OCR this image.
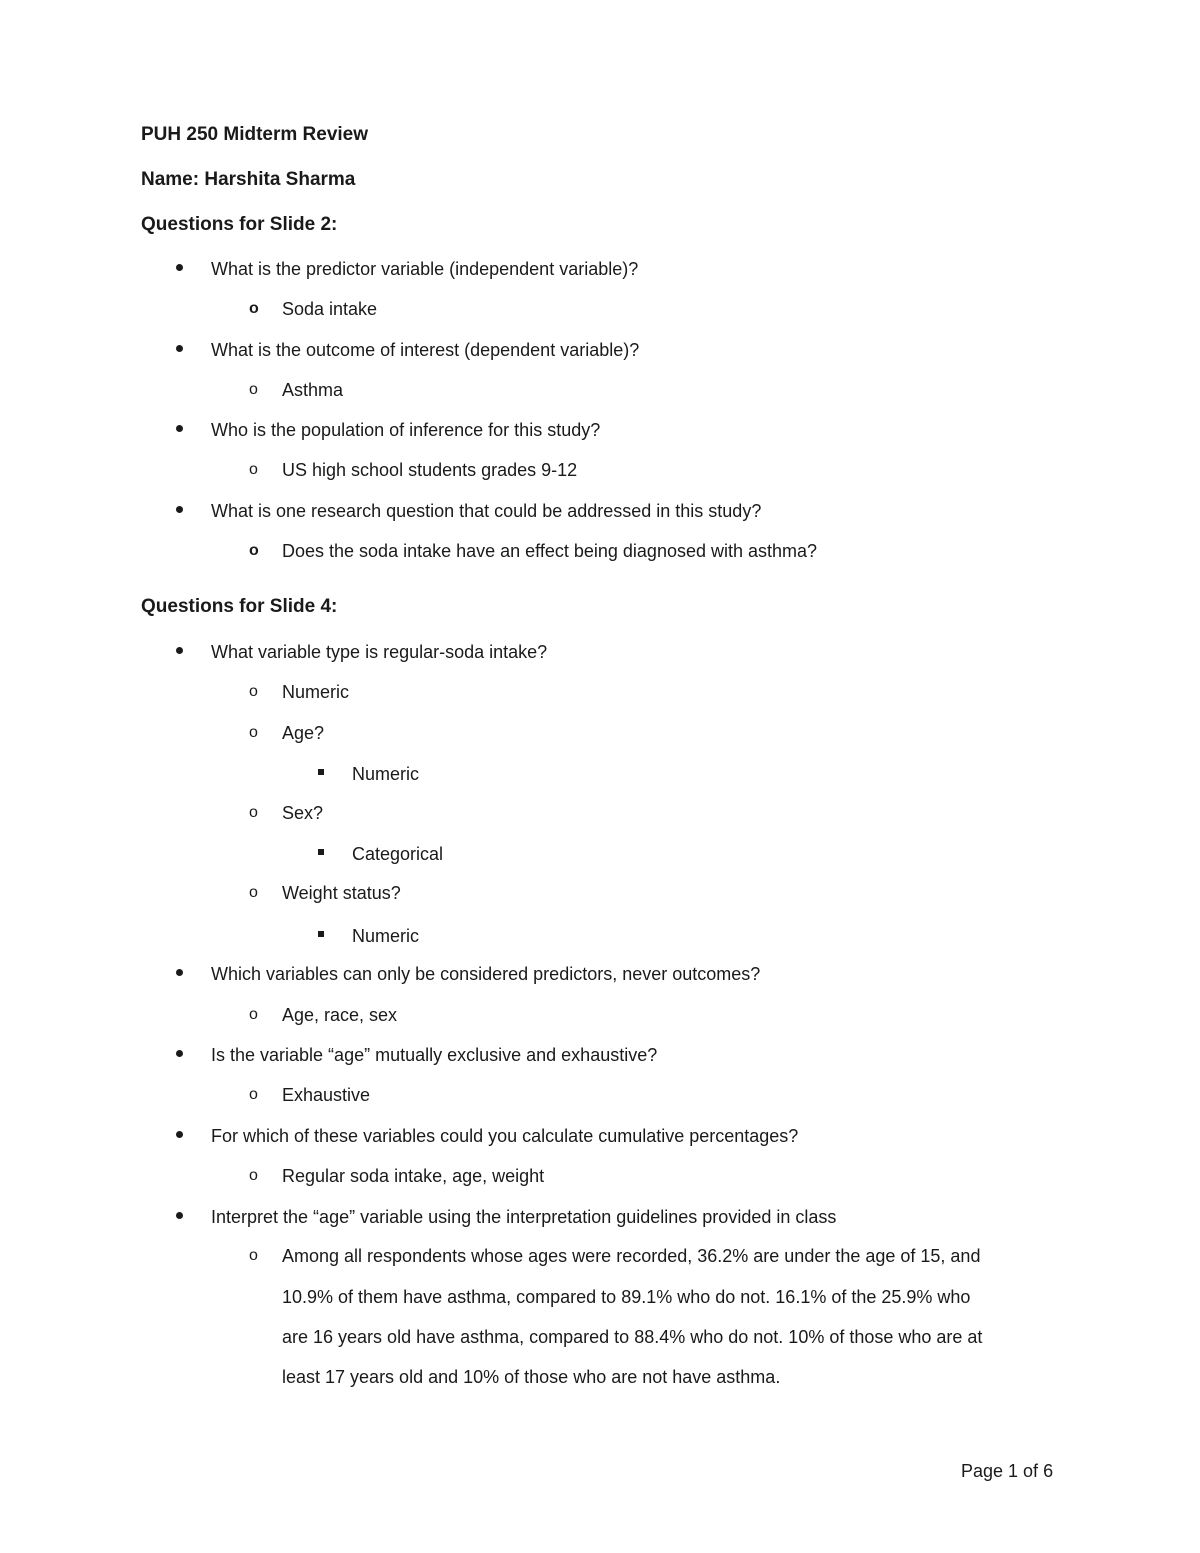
PUH 250 Midterm Review
Name: Harshita Sharma
Questions for Slide 2:
What is the predictor variable (independent variable)?
o Soda intake
What is the outcome of interest (dependent variable)?
o Asthma
Who is the population of inference for this study?
o US high school students grades 9-12
What is one research question that could be addressed in this study?
o Does the soda intake have an effect being diagnosed with asthma?
Questions for Slide 4:
What variable type is regular-soda intake?
o Numeric
o Age?
Numeric
o Sex?
Categorical
o Weight status?
Numeric
Which variables can only be considered predictors, never outcomes?
o Age, race, sex
Is the variable “age” mutually exclusive and exhaustive?
o Exhaustive
For which of these variables could you calculate cumulative percentages?
o Regular soda intake, age, weight
Interpret the “age” variable using the interpretation guidelines provided in class
o Among all respondents whose ages were recorded, 36.2% are under the age of 15, and
10.9% of them have asthma, compared to 89.1% who do not. 16.1% of the 25.9% who
are 16 years old have asthma, compared to 88.4% who do not. 10% of those who are at
least 17 years old and 10% of those who are not have asthma.
Page 1 of 6
